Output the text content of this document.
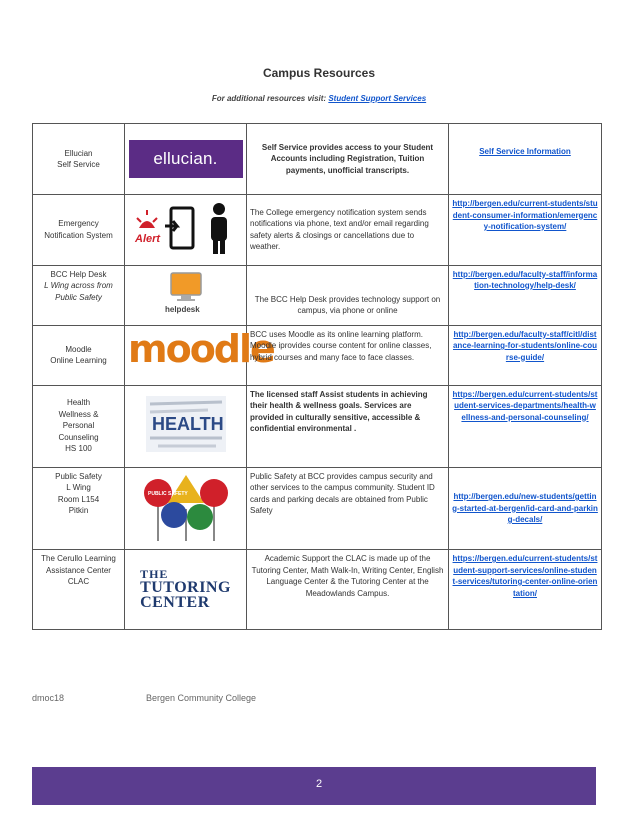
Campus Resources
For additional resources visit: Student Support Services
Ellucian
Self Service	ellucian.	Self Service provides access to your Student Accounts including Registration, Tuition payments, unofficial transcripts.	Self Service Information

Emergency
Notification System	Alert	The College emergency notification system sends notifications via phone, text and/or email regarding safety alerts & closings or cancellations due to weather.	http://bergen.edu/current-students/student-consumer-information/emergency-notification-system/

BCC Help Desk
L Wing across from
Public Safety	helpdesk	The BCC Help Desk provides technology support on campus, via phone or online	http://bergen.edu/faculty-staff/information-technology/help-desk/

Moodle
Online Learning	moodle	BCC uses Moodle as its online learning platform. Moodle iprovides course content for online classes, hybrid courses and many face to face classes.	http://bergen.edu/faculty-staff/citl/distance-learning-for-students/online-course-guide/

Health
Wellness &
Personal
Counseling
HS 100	HEALTH	The licensed staff Assist students in achieving their health & wellness goals. Services are provided in culturally sensitive, accessible & confidential environmental .	https://bergen.edu/current-students/student-services-departments/health-wellness-and-personal-counseling/

Public Safety
L Wing
Room L154
Pitkin	PUBLIC SAFETY	Public Safety at BCC provides campus security and other services to the campus community. Student ID cards and parking decals are obtained from Public Safety	http://bergen.edu/new-students/getting-started-at-bergen/id-card-and-parking-decals/

The Cerullo Learning
Assistance Center
CLAC	THE
TUTORING
CENTER	Academic Support the CLAC is made up of the Tutoring Center, Math Walk-In, Writing Center, English Language Center & the Tutoring Center at the Meadowlands Campus.	https://bergen.edu/current-students/student-support-services/online-student-services/tutoring-center-online-orientation/
dmoc18	Bergen Community College
2
